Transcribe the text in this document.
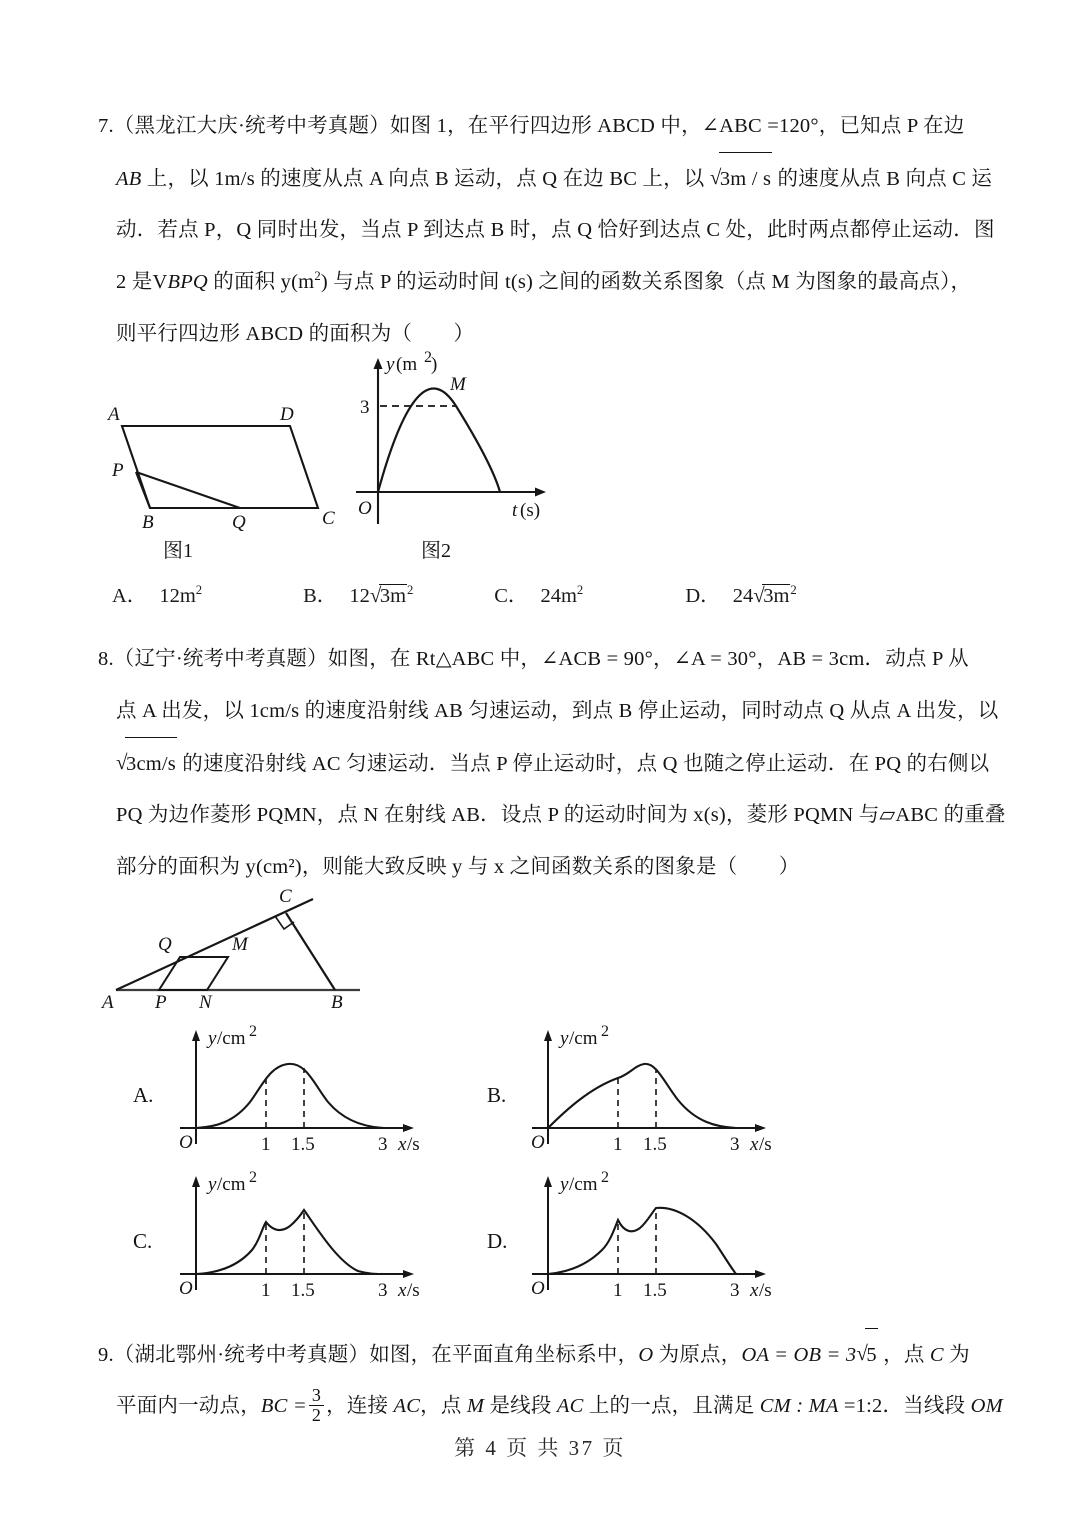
7.（黑龙江大庆·统考中考真题）如图 1，在平行四边形 ABCD 中，∠ABC =120°，已知点 P 在边
AB 上，以 1m/s 的速度从点 A 向点 B 运动，点 Q 在边 BC 上，以 √ 3m / s 的速度从点 B 向点 C 运
动．若点 P，Q 同时出发，当点 P 到达点 B 时，点 Q 恰好到达点 C 处，此时两点都停止运动．图
2 是VBPQ 的面积 $y(m^2)$ 与点 P 的运动时间 t(s) 之间的函数关系图象（点 M 为图象的最高点），
则平行四边形 ABCD 的面积为（　　）
A	D
P
B	Q	C
图1
y (m 2 )
M
3
O	t (s)
图2
A． $12m^2$	B． 12 √ $3m^2$	C． $24m^2$	D． 24 √ $3m^2$
8.（辽宁·统考中考真题）如图，在 Rt△ABC 中，∠ACB = 90°，∠A = 30°，AB = 3cm．动点 P 从
点 A 出发，以 1cm/s 的速度沿射线 AB 匀速运动，到点 B 停止运动，同时动点 Q 从点 A 出发，以
√ 3cm/s 的速度沿射线 AC 匀速运动．当点 P 停止运动时，点 Q 也随之停止运动．在 PQ 的右侧以
PQ 为边作菱形 PQMN，点 N 在射线 AB．设点 P 的运动时间为 x(s)，菱形 PQMN 与▱ABC 的重叠
部分的面积为 y(cm²)，则能大致反映 y 与 x 之间函数关系的图象是（　　）
A P N	B
Q	M
C
A.
y /cm 2
O	1 1.5	3 x /s
B.
y /cm 2
O	1 1.5	3 x /s
C.
y /cm 2
O	1 1.5	3 x /s
D.
y /cm 2
O	1 1.5	3 x /s
9.（湖北鄂州·统考中考真题）如图，在平面直角坐标系中，O 为原点，OA = OB = 3 √ 5 ，点 C 为
平面内一动点，BC = $\frac{3}{2}$ ，连接 AC，点 M 是线段 AC 上的一点，且满足 CM : MA =1:2．当线段 OM
第 4 页 共 37 页
